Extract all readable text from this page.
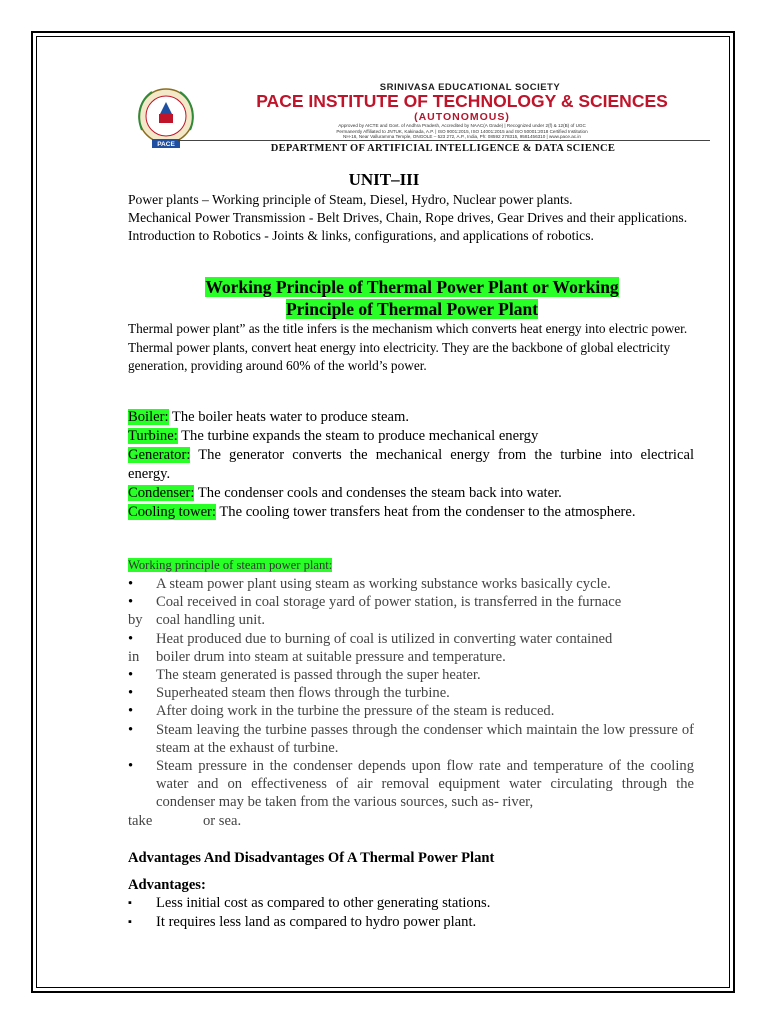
PACE
SRINIVASA EDUCATIONAL SOCIETY
PACE INSTITUTE OF TECHNOLOGY & SCIENCES
(AUTONOMOUS)
Approved by AICTE and Govt. of Andhra Pradesh, Accredited by NAAC(A Grade) | Recognized under 2(f) & 12(B) of UGC
Permanently Affiliated to JNTUK, Kakinada, A.P. | ISO 9001:2015, ISO 14001:2015 and ISO 50001:2018 Certified Institution
NH-16, Near Valluramma Temple, ONGOLE – 523 272, A.P., India, Ph: 08592 278315, 9581456310 | www.pace.ac.in
DEPARTMENT OF ARTIFICIAL INTELLIGENCE & DATA SCIENCE
UNIT–III

Power plants – Working principle of Steam, Diesel, Hydro, Nuclear power plants.

Mechanical Power Transmission - Belt Drives, Chain, Rope drives, Gear Drives and their applications.

Introduction to Robotics - Joints & links, configurations, and applications of robotics.

Working Principle of Thermal Power Plant or Working
Principle of Thermal Power Plant

Thermal power plant” as the title infers is the mechanism which converts heat energy into electric power.

Thermal power plants, convert heat energy into electricity. They are the backbone of global electricity generation, providing around 60% of the world’s power.

Boiler: The boiler heats water to produce steam.

Turbine: The turbine expands the steam to produce mechanical energy

Generator: The generator converts the mechanical energy from the turbine into electrical              energy.

Condenser: The condenser cools and condenses the steam back into water.

Cooling tower: The cooling tower transfers heat from the condenser to the atmosphere.

Working principle of steam power plant:
• A steam power plant using steam as working substance works basically cycle.
• Coal received in coal storage yard of power station, is transferred in the furnace
by coal handling unit.
• Heat produced due to burning of coal is utilized in converting water contained
in boiler drum into steam at suitable pressure and temperature.
• The steam generated is passed through the super heater.
• Superheated steam then flows through the turbine.
• After doing work in the turbine the pressure of the steam is reduced.
• Steam leaving the turbine passes through the condenser which maintain the low pressure of steam at the exhaust of turbine.
• Steam pressure in the condenser depends upon flow rate and temperature of the cooling water and on effectiveness of air removal equipment water circulating through the condenser may be taken from the various sources, such as- river,
take	or sea.
Advantages And Disadvantages Of A Thermal Power Plant
Advantages:
▪ Less initial cost as compared to other generating stations.
▪ It requires less land as compared to hydro power plant.
